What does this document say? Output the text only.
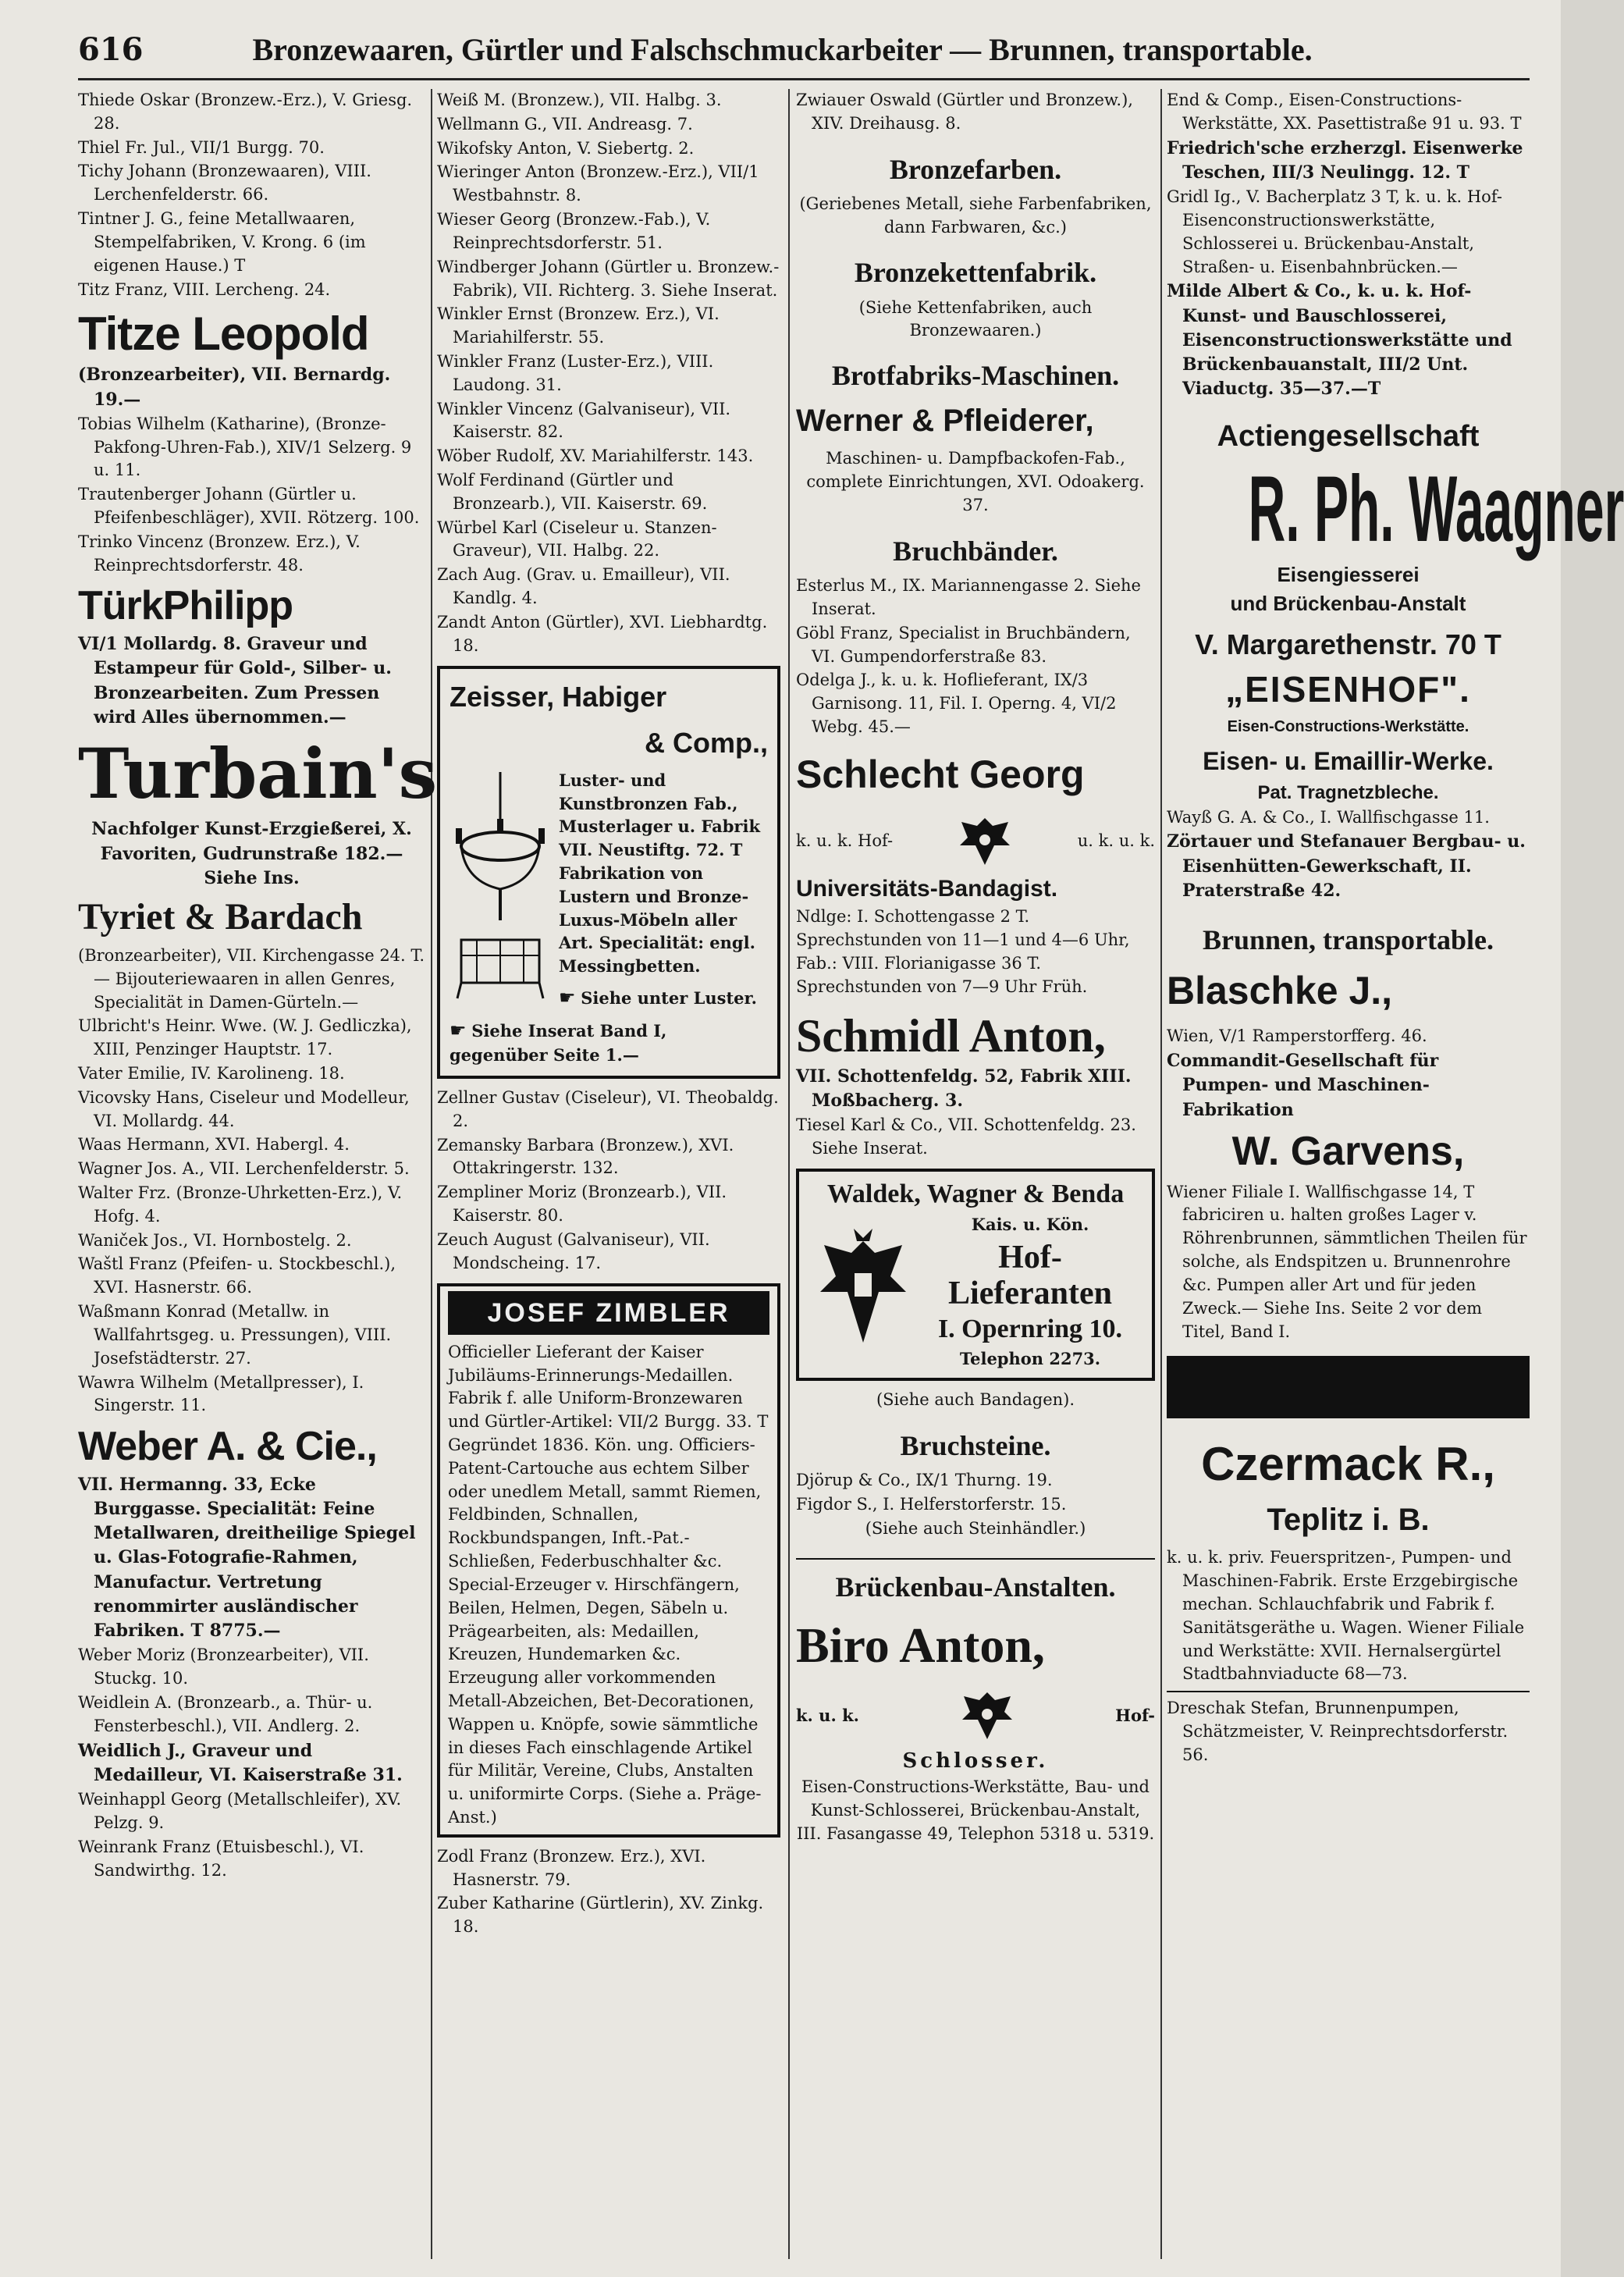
616	Bronzewaaren, Gürtler und Falschschmuckarbeiter — Brunnen, transportable.
Thiede Oskar (Bronzew.-Erz.), V. Griesg. 28.
Thiel Fr. Jul., VII/1 Burgg. 70.
Tichy Johann (Bronzewaaren), VIII. Lerchenfelderstr. 66.
Tintner J. G., feine Metallwaaren, Stempelfabriken, V. Krong. 6 (im eigenen Hause.) T
Titz Franz, VIII. Lercheng. 24.
Titze Leopold
(Bronzearbeiter), VII. Bernardg. 19.—
Tobias Wilhelm (Katharine), (Bronze-Pakfong-Uhren-Fab.), XIV/1 Selzerg. 9 u. 11.
Trautenberger Johann (Gürtler u. Pfeifenbeschläger), XVII. Rötzerg. 100.
Trinko Vincenz (Bronzew. Erz.), V. Reinprechtsdorferstr. 48.
TürkPhilipp
VI/1 Mollardg. 8. Graveur und Estampeur für Gold-, Silber- u. Bronzearbeiten. Zum Pressen wird Alles übernommen.—
Turbain's
Nachfolger Kunst-Erzgießerei, X. Favoriten, Gudrunstraße 182.— Siehe Ins.
Tyriet & Bardach
(Bronzearbeiter), VII. Kirchengasse 24. T. — Bijouteriewaaren in allen Genres, Specialität in Damen-Gürteln.—
Ulbricht's Heinr. Wwe. (W. J. Gedliczka), XIII, Penzinger Hauptstr. 17.
Vater Emilie, IV. Karolineng. 18.
Vicovsky Hans, Ciseleur und Modelleur, VI. Mollardg. 44.
Waas Hermann, XVI. Habergl. 4.
Wagner Jos. A., VII. Lerchenfelderstr. 5.
Walter Frz. (Bronze-Uhrketten-Erz.), V. Hofg. 4.
Waniček Jos., VI. Hornbostelg. 2.
Waštl Franz (Pfeifen- u. Stockbeschl.), XVI. Hasnerstr. 66.
Waßmann Konrad (Metallw. in Wallfahrtsgeg. u. Pressungen), VIII. Josefstädterstr. 27.
Wawra Wilhelm (Metallpresser), I. Singerstr. 11.
Weber A. & Cie.,
VII. Hermanng. 33, Ecke Burggasse. Specialität: Feine Metallwaren, dreitheilige Spiegel u. Glas-Fotografie-Rahmen, Manufactur. Vertretung renommirter ausländischer Fabriken. T 8775.—
Weber Moriz (Bronzearbeiter), VII. Stuckg. 10.
Weidlein A. (Bronzearb., a. Thür- u. Fensterbeschl.), VII. Andlerg. 2.
Weidlich J., Graveur und Medailleur, VI. Kaiserstraße 31.
Weinhappl Georg (Metallschleifer), XV. Pelzg. 9.
Weinrank Franz (Etuisbeschl.), VI. Sandwirthg. 12.
Weiß M. (Bronzew.), VII. Halbg. 3.
Wellmann G., VII. Andreasg. 7.
Wikofsky Anton, V. Siebertg. 2.
Wieringer Anton (Bronzew.-Erz.), VII/1 Westbahnstr. 8.
Wieser Georg (Bronzew.-Fab.), V. Reinprechtsdorferstr. 51.
Windberger Johann (Gürtler u. Bronzew.-Fabrik), VII. Richterg. 3. Siehe Inserat.
Winkler Ernst (Bronzew. Erz.), VI. Mariahilferstr. 55.
Winkler Franz (Luster-Erz.), VIII. Laudong. 31.
Winkler Vincenz (Galvaniseur), VII. Kaiserstr. 82.
Wöber Rudolf, XV. Mariahilferstr. 143.
Wolf Ferdinand (Gürtler und Bronzearb.), VII. Kaiserstr. 69.
Würbel Karl (Ciseleur u. Stanzen-Graveur), VII. Halbg. 22.
Zach Aug. (Grav. u. Emailleur), VII. Kandlg. 4.
Zandt Anton (Gürtler), XVI. Liebhardtg. 18.
Zeisser, Habiger
& Comp.,
Luster- und Kunstbronzen Fab., Musterlager u. Fabrik VII. Neustiftg. 72. T Fabrikation von Lustern und Bronze-Luxus-Möbeln aller Art. Specialität: engl. Messingbetten.
☛ Siehe unter Luster.
☛ Siehe Inserat Band I, gegenüber Seite 1.—
Zellner Gustav (Ciseleur), VI. Theobaldg. 2.
Zemansky Barbara (Bronzew.), XVI. Ottakringerstr. 132.
Zempliner Moriz (Bronzearb.), VII. Kaiserstr. 80.
Zeuch August (Galvaniseur), VII. Mondscheing. 17.
JOSEF ZIMBLER
Officieller Lieferant der Kaiser Jubiläums-Erinnerungs-Medaillen. Fabrik f. alle Uniform-Bronzewaren und Gürtler-Artikel: VII/2 Burgg. 33. T Gegründet 1836. Kön. ung. Officiers-Patent-Cartouche aus echtem Silber oder unedlem Metall, sammt Riemen, Feldbinden, Schnallen, Rockbundspangen, Inft.-Pat.-Schließen, Federbuschhalter &c. Special-Erzeuger v. Hirschfängern, Beilen, Helmen, Degen, Säbeln u. Prägearbeiten, als: Medaillen, Kreuzen, Hundemarken &c. Erzeugung aller vorkommenden Metall-Abzeichen, Bet-Decorationen, Wappen u. Knöpfe, sowie sämmtliche in dieses Fach einschlagende Artikel für Militär, Vereine, Clubs, Anstalten u. uniformirte Corps. (Siehe a. Präge-Anst.)
Zodl Franz (Bronzew. Erz.), XVI. Hasnerstr. 79.
Zuber Katharine (Gürtlerin), XV. Zinkg. 18.
Zwiauer Oswald (Gürtler und Bronzew.), XIV. Dreihausg. 8.
Bronzefarben.
(Geriebenes Metall, siehe Farbenfabriken, dann Farbwaren, &c.)
Bronzekettenfabrik.
(Siehe Kettenfabriken, auch Bronzewaaren.)
Brotfabriks-Maschinen.
Werner & Pfleiderer,
Maschinen- u. Dampfbackofen-Fab., complete Einrichtungen, XVI. Odoakerg. 37.
Bruchbänder.
Esterlus M., IX. Mariannengasse 2. Siehe Inserat.
Göbl Franz, Specialist in Bruchbändern, VI. Gumpendorferstraße 83.
Odelga J., k. u. k. Hoflieferant, IX/3 Garnisong. 11, Fil. I. Operng. 4, VI/2 Webg. 45.—
Schlecht Georg
k. u. k. Hof-	u. k. u. k.
Universitäts-Bandagist.
Ndlge: I. Schottengasse 2 T. Sprechstunden von 11—1 und 4—6 Uhr, Fab.: VIII. Florianigasse 36 T. Sprechstunden von 7—9 Uhr Früh.
Schmidl Anton,
VII. Schottenfeldg. 52, Fabrik XIII. Moßbacherg. 3.
Tiesel Karl & Co., VII. Schottenfeldg. 23. Siehe Inserat.
Waldek, Wagner & Benda
Kais. u. Kön.
Hof-Lieferanten
I. Opernring 10.
Telephon 2273.
(Siehe auch Bandagen).
Bruchsteine.
Djörup & Co., IX/1 Thurng. 19.
Figdor S., I. Helferstorferstr. 15.
(Siehe auch Steinhändler.)
Brückenbau-Anstalten.
Biro Anton,
k. u. k.	Hof-
Schlosser.
Eisen-Constructions-Werkstätte, Bau- und Kunst-Schlosserei, Brückenbau-Anstalt, III. Fasangasse 49, Telephon 5318 u. 5319.
End & Comp., Eisen-Constructions-Werkstätte, XX. Pasettistraße 91 u. 93. T
Friedrich'sche erzherzgl. Eisenwerke Teschen, III/3 Neulingg. 12. T
Gridl Ig., V. Bacherplatz 3 T, k. u. k. Hof-Eisenconstructionswerkstätte, Schlosserei u. Brückenbau-Anstalt, Straßen- u. Eisenbahnbrücken.—
Milde Albert & Co., k. u. k. Hof-Kunst- und Bauschlosserei, Eisenconstructionswerkstätte und Brückenbauanstalt, III/2 Unt. Viaductg. 35—37.—T
Actiengesellschaft
R. Ph. Waagner
Eisengiesserei
und Brückenbau-Anstalt
V. Margarethenstr. 70 T
„EISENHOF".
Eisen-Constructions-Werkstätte.
Eisen- u. Emaillir-Werke.
Pat. Tragnetzbleche.
Wayß G. A. & Co., I. Wallfischgasse 11.
Zörtauer und Stefanauer Bergbau- u. Eisenhütten-Gewerkschaft, II. Praterstraße 42.
Brunnen, transportable.
Blaschke J.,
Wien, V/1 Ramperstorfferg. 46.
Commandit-Gesellschaft für Pumpen- und Maschinen-Fabrikation
W. Garvens,
Wiener Filiale I. Wallfischgasse 14, T fabriciren u. halten großes Lager v. Röhrenbrunnen, sämmtlichen Theilen für solche, als Endspitzen u. Brunnenrohre &c. Pumpen aller Art und für jeden Zweck.— Siehe Ins. Seite 2 vor dem Titel, Band I.
Czermack R.,
Teplitz i. B.
k. u. k. priv. Feuerspritzen-, Pumpen- und Maschinen-Fabrik. Erste Erzgebirgische mechan. Schlauchfabrik und Fabrik f. Sanitätsgeräthe u. Wagen. Wiener Filiale und Werkstätte: XVII. Hernalsergürtel Stadtbahnviaducte 68—73.
Dreschak Stefan, Brunnenpumpen, Schätzmeister, V. Reinprechtsdorferstr. 56.
